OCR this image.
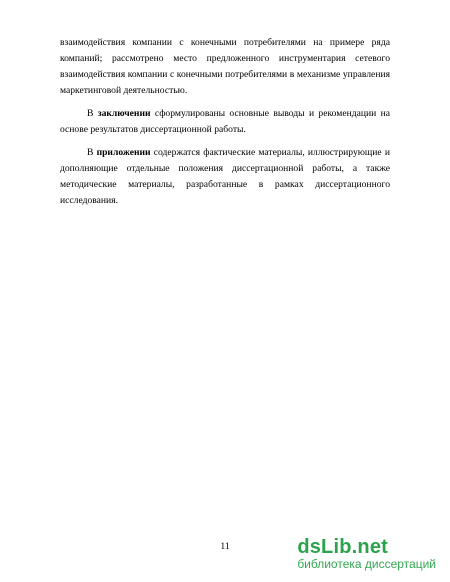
взаимодействия компании с конечными потребителями на примере ряда компаний; рассмотрено место предложенного инструментария сетевого взаимодействия компании с конечными потребителями в механизме управления маркетинговой деятельностью.

В заключении сформулированы основные выводы и рекомендации на основе результатов диссертационной работы.

В приложении содержатся фактические материалы, иллюстрирующие и дополняющие отдельные положения диссертационной работы, а также методические материалы, разработанные в рамках диссертационного исследования.

11	dsLib.net
библиотека диссертаций
